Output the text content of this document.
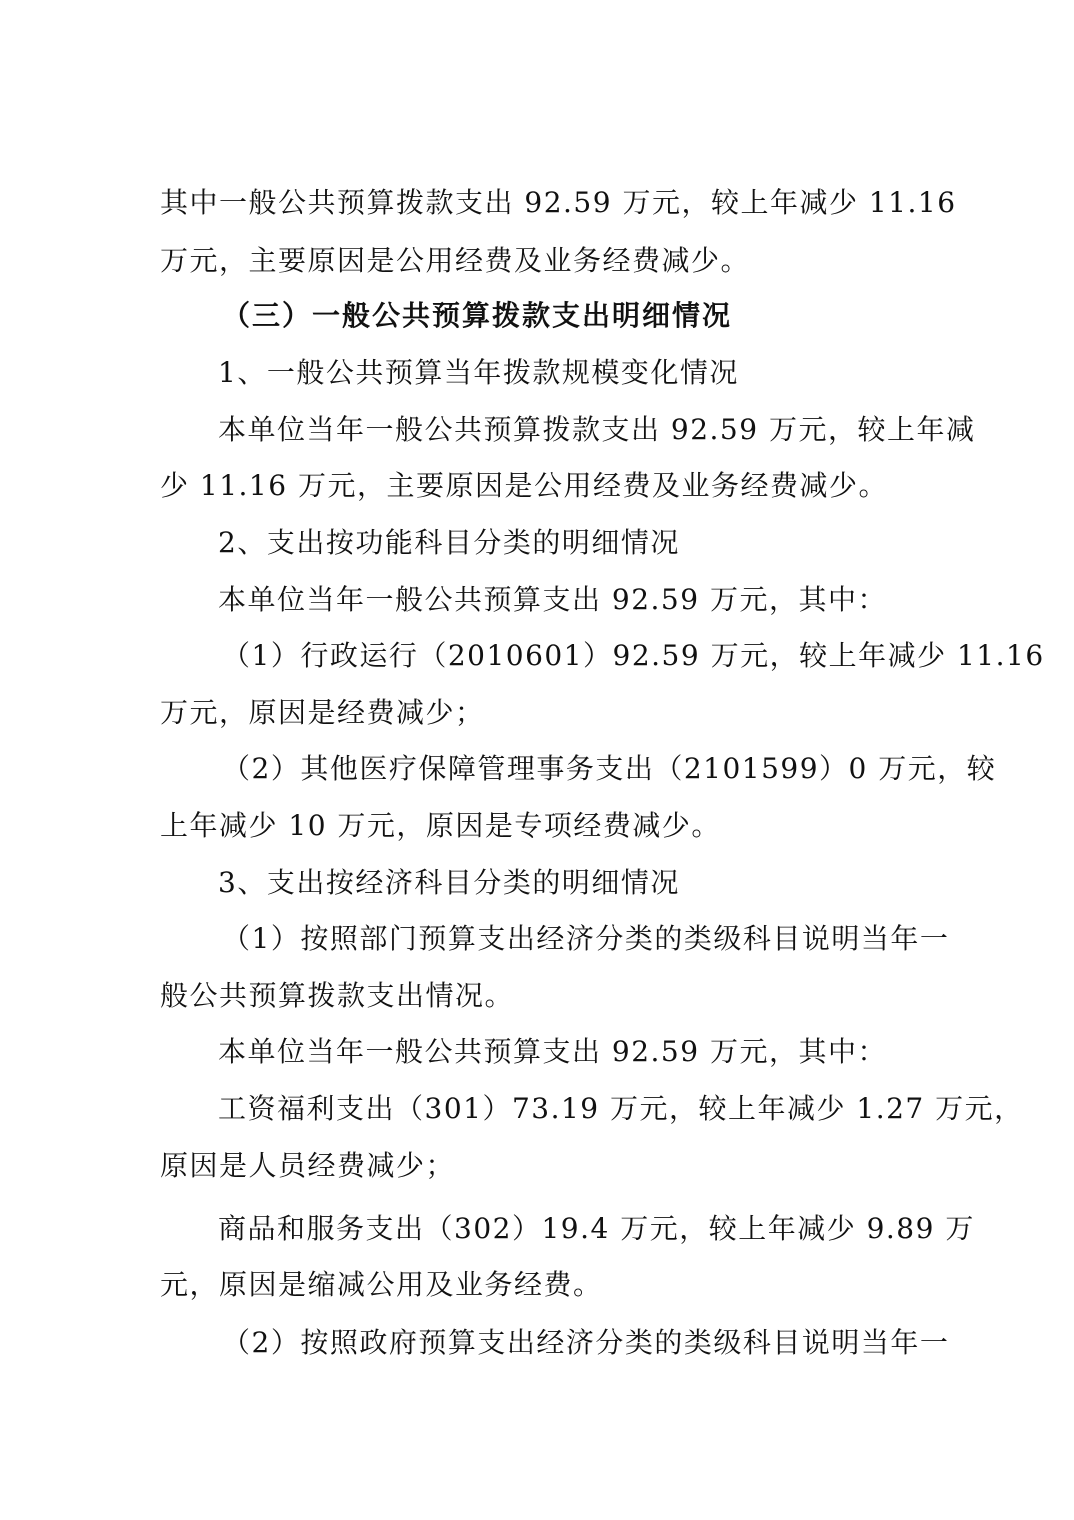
其中一般公共预算拨款支出 92.59 万元，较上年减少 11.16
万元，主要原因是公用经费及业务经费减少。
（三）一般公共预算拨款支出明细情况
1、一般公共预算当年拨款规模变化情况
本单位当年一般公共预算拨款支出 92.59 万元，较上年减
少 11.16 万元，主要原因是公用经费及业务经费减少。
2、支出按功能科目分类的明细情况
本单位当年一般公共预算支出 92.59 万元，其中：
（1）行政运行（2010601）92.59 万元，较上年减少 11.16
万元，原因是经费减少；
（2）其他医疗保障管理事务支出（2101599）0 万元，较
上年减少 10 万元，原因是专项经费减少。
3、支出按经济科目分类的明细情况
（1）按照部门预算支出经济分类的类级科目说明当年一
般公共预算拨款支出情况。
本单位当年一般公共预算支出 92.59 万元，其中：
工资福利支出（301）73.19 万元，较上年减少 1.27 万元，
原因是人员经费减少；
商品和服务支出（302）19.4 万元，较上年减少 9.89 万
元，原因是缩减公用及业务经费。
（2）按照政府预算支出经济分类的类级科目说明当年一
